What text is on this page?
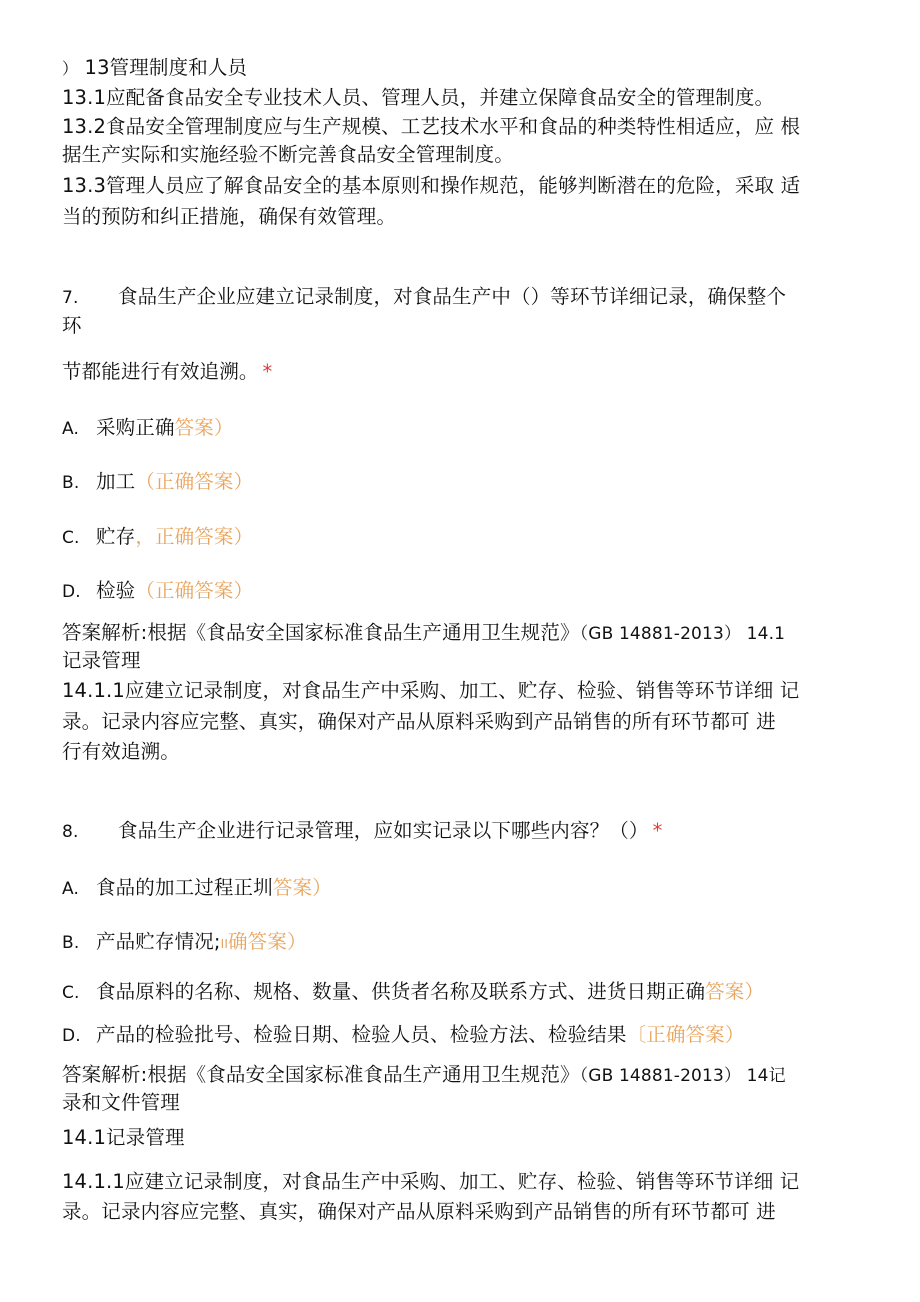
） 13管理制度和人员

13.1应配备食品安全专业技术人员、管理人员，并建立保障食品安全的管理制度。

13.2食品安全管理制度应与生产规模、工艺技术水平和食品的种类特性相适应，应 根

据生产实际和实施经验不断完善食品安全管理制度。

13.3管理人员应了解食品安全的基本原则和操作规范，能够判断潜在的危险，采取 适

当的预防和纠正措施，确保有效管理。

7. 食品生产企业应建立记录制度，对食品生产中（）等环节详细记录，确保整个

环

节都能进行有效追溯。 *

A. 采购正确答案）

B. 加工（正确答案）

C. 贮存，正确答案）

D. 检验（正确答案）

答案解析:根据《食品安全国家标准食品生产通用卫生规范》（GB 14881-2013） 14.1

记录管理

14.1.1应建立记录制度，对食品生产中采购、加工、贮存、检验、销售等环节详细 记

录。记录内容应完整、真实，确保对产品从原料采购到产品销售的所有环节都可 进

行有效追溯。

8. 食品生产企业进行记录管理，应如实记录以下哪些内容？（） *

A. 食品的加工过程正圳答案）

B. 产品贮存情况;II确答案）

C. 食品原料的名称、规格、数量、供货者名称及联系方式、进货日期正确答案）

D. 产品的检验批号、检验日期、检验人员、检验方法、检验结果〔正确答案）

答案解析:根据《食品安全国家标准食品生产通用卫生规范》（GB 14881-2013） 14记

录和文件管理

14.1记录管理

14.1.1应建立记录制度，对食品生产中采购、加工、贮存、检验、销售等环节详细 记

录。记录内容应完整、真实，确保对产品从原料采购到产品销售的所有环节都可 进
